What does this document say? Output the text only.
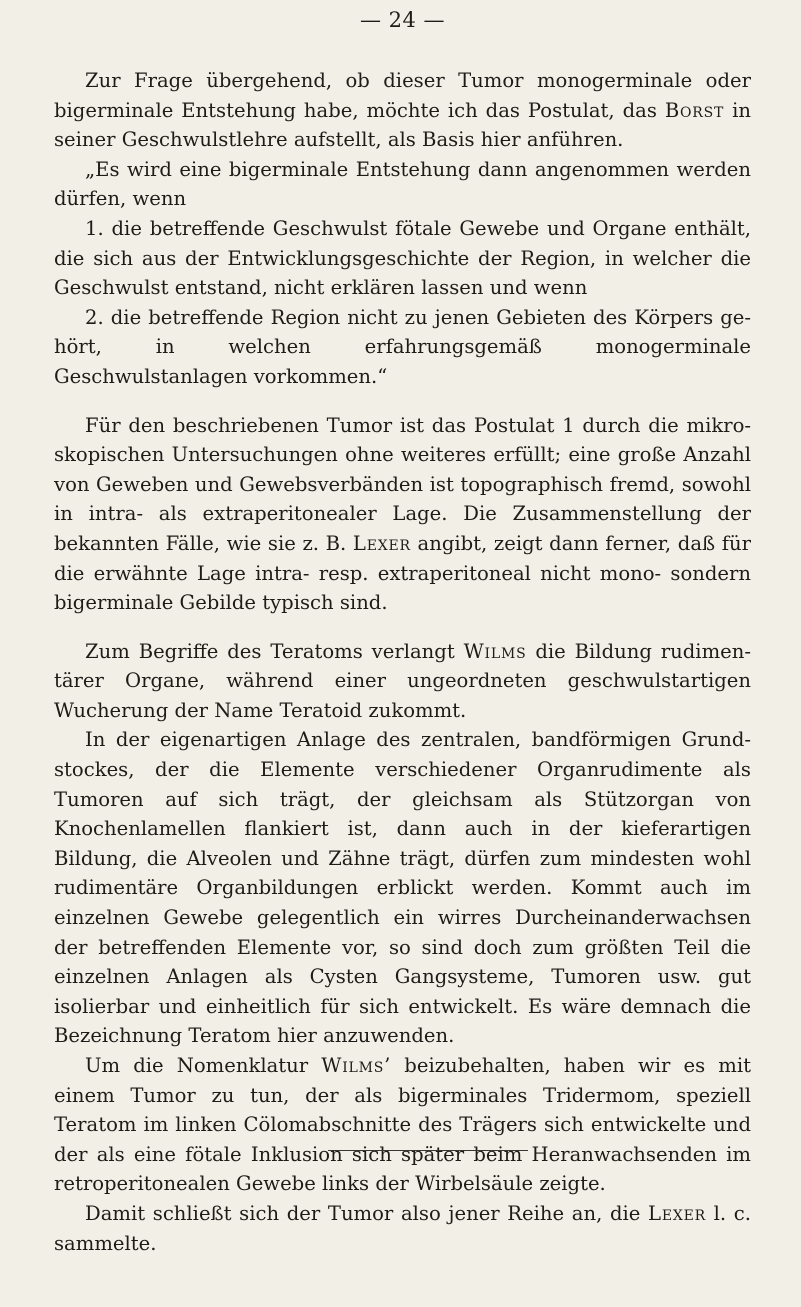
— 24 —

Zur Frage übergehend, ob dieser Tumor monogerminale oder bigerminale Entstehung habe, möchte ich das Postulat, das Borst in seiner Geschwulstlehre aufstellt, als Basis hier anführen.

„Es wird eine bigerminale Entstehung dann angenommen werden dürfen, wenn

1. die betreffende Geschwulst fötale Gewebe und Organe enthält, die sich aus der Entwicklungsgeschichte der Region, in welcher die Geschwulst entstand, nicht erklären lassen und wenn

2. die betreffende Region nicht zu jenen Gebieten des Körpers gehört, in welchen erfahrungsgemäß monogerminale Geschwulstanlagen vorkommen.“

Für den beschriebenen Tumor ist das Postulat 1 durch die mikroskopischen Untersuchungen ohne weiteres erfüllt; eine große Anzahl von Geweben und Gewebsverbänden ist topographisch fremd, sowohl in intra- als extraperitonealer Lage. Die Zusammenstellung der bekannten Fälle, wie sie z. B. Lexer angibt, zeigt dann ferner, daß für die erwähnte Lage intra- resp. extraperitoneal nicht mono- sondern bigerminale Gebilde typisch sind.

Zum Begriffe des Teratoms verlangt Wilms die Bildung rudimentärer Organe, während einer ungeordneten geschwulstartigen Wucherung der Name Teratoid zukommt.

In der eigenartigen Anlage des zentralen, bandförmigen Grundstockes, der die Elemente verschiedener Organrudimente als Tumoren auf sich trägt, der gleichsam als Stützorgan von Knochenlamellen flankiert ist, dann auch in der kieferartigen Bildung, die Alveolen und Zähne trägt, dürfen zum mindesten wohl rudimentäre Organbildungen erblickt werden. Kommt auch im einzelnen Gewebe gelegentlich ein wirres Durcheinanderwachsen der betreffenden Elemente vor, so sind doch zum größten Teil die einzelnen Anlagen als Cysten Gangsysteme, Tumoren usw. gut isolierbar und einheitlich für sich entwickelt. Es wäre demnach die Bezeichnung Teratom hier anzuwenden.

Um die Nomenklatur Wilms’ beizubehalten, haben wir es mit einem Tumor zu tun, der als bigerminales Tridermom, speziell Teratom im linken Cölomabschnitte des Trägers sich entwickelte und der als eine fötale Inklusion sich später beim Heranwachsenden im retroperitonealen Gewebe links der Wirbelsäule zeigte.

Damit schließt sich der Tumor also jener Reihe an, die Lexer l. c. sammelte.
